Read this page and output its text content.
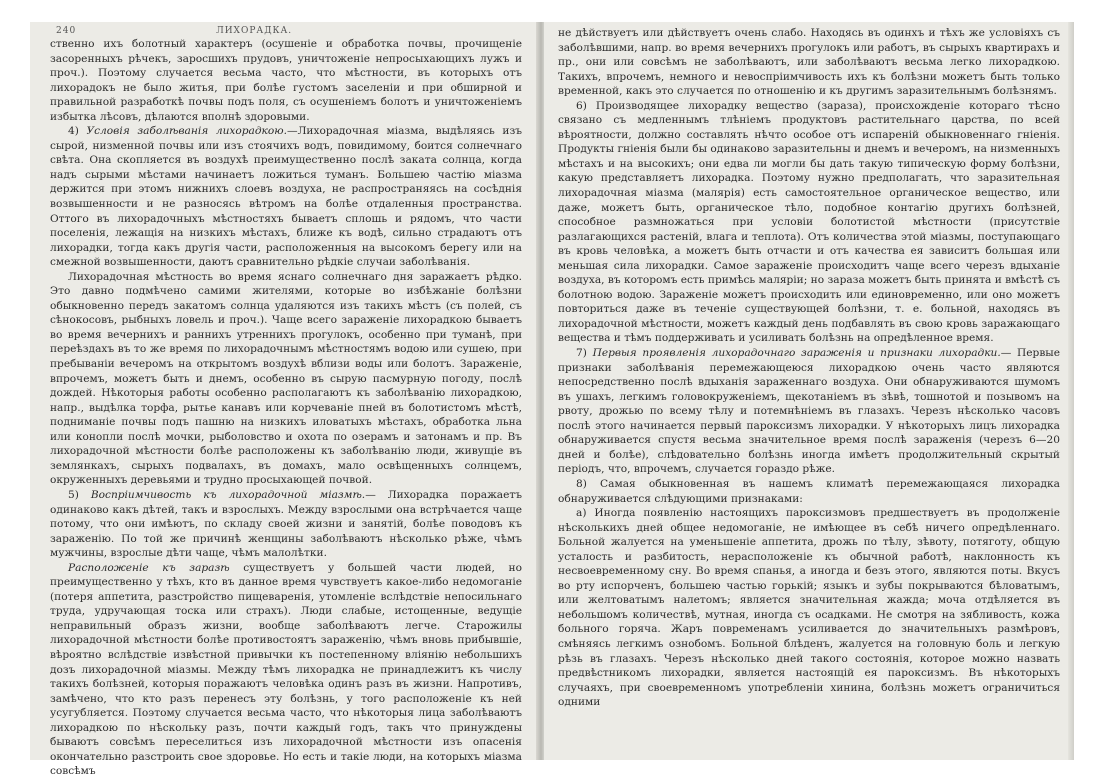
240	ЛИХОРАДКА.

ственно ихъ болотный характеръ (осушеніе и обработка почвы, прочищеніе засоренныхъ рѣчекъ, заросшихъ прудовъ, уничтоженіе непросыхающихъ лужъ и проч.). Поэтому случается весьма часто, что мѣстности, въ которыхъ отъ лихорадокъ не было житья, при болѣе густомъ заселеніи и при обширной и правильной разработкѣ почвы подъ поля, съ осушеніемъ болотъ и уничтоженіемъ избытка лѣсовъ, дѣлаются вполнѣ здоровыми.

4) Условія заболѣванія лихорадкою.—Лихорадочная міазма, выдѣляясь изъ сырой, низменной почвы или изъ стоячихъ водъ, повидимому, боится солнечнаго свѣта. Она скопляется въ воздухѣ преимущественно послѣ заката солнца, когда надъ сырыми мѣстами начинаетъ ложиться туманъ. Большею частію міазма держится при этомъ нижнихъ слоевъ воздуха, не распространяясь на сосѣднія возвышенности и не разносясь вѣтромъ на болѣе отдаленныя пространства. Оттого въ лихорадочныхъ мѣстностяхъ бываетъ сплошь и рядомъ, что части поселенія, лежащія на низкихъ мѣстахъ, ближе къ водѣ, сильно страдаютъ отъ лихорадки, тогда какъ другія части, расположенныя на высокомъ берегу или на смежной возвышенности, даютъ сравнительно рѣдкіе случаи заболѣванія.

Лихорадочная мѣстность во время яснаго солнечнаго дня заражаетъ рѣдко. Это давно подмѣчено самими жителями, которые во избѣжаніе болѣзни обыкновенно передъ закатомъ солнца удаляются изъ такихъ мѣстъ (съ полей, съ сѣнокосовъ, рыбныхъ ловель и проч.). Чаще всего зараженіе лихорадкою бываетъ во время вечернихъ и раннихъ утреннихъ прогулокъ, особенно при туманѣ, при переѣздахъ въ то же время по лихорадочнымъ мѣстностямъ водою или сушею, при пребываніи вечеромъ на открытомъ воздухѣ вблизи воды или болотъ. Зараженіе, впрочемъ, можетъ быть и днемъ, особенно въ сырую пасмурную погоду, послѣ дождей. Нѣкоторыя работы особенно располагаютъ къ заболѣванію лихорадкою, напр., выдѣлка торфа, рытье канавъ или корчеваніе пней въ болотистомъ мѣстѣ, подниманіе почвы подъ пашню на низкихъ иловатыхъ мѣстахъ, обработка льна или конопли послѣ мочки, рыболовство и охота по озерамъ и затонамъ и пр. Въ лихорадочной мѣстности болѣе расположены къ заболѣванію люди, живущіе въ землянкахъ, сырыхъ подвалахъ, въ домахъ, мало освѣщенныхъ солнцемъ, окруженныхъ деревьями и трудно просыхающей почвой.

5) Воспріимчивость къ лихорадочной міазмѣ.— Лихорадка поражаетъ одинаково какъ дѣтей, такъ и взрослыхъ. Между взрослыми она встрѣчается чаще потому, что они имѣютъ, по складу своей жизни и занятій, болѣе поводовъ къ зараженію. По той же причинѣ женщины заболѣваютъ нѣсколько рѣже, чѣмъ мужчины, взрослые дѣти чаще, чѣмъ малолѣтки.

Расположеніе къ заразѣ существуетъ у большей части людей, но преимущественно у тѣхъ, кто въ данное время чувствуетъ какое-либо недомоганіе (потеря аппетита, разстройство пищеваренія, утомленіе вслѣдствіе непосильнаго труда, удручающая тоска или страхъ). Люди слабые, истощенные, ведущіе неправильный образъ жизни, вообще заболѣваютъ легче. Старожилы лихорадочной мѣстности болѣе противостоятъ зараженію, чѣмъ вновь прибывшіе, вѣроятно вслѣдствіе извѣстной привычки къ постепенному вліянію небольшихъ дозъ лихорадочной міазмы. Между тѣмъ лихорадка не принадлежитъ къ числу такихъ болѣзней, которыя поражаютъ человѣка одинъ разъ въ жизни. Напротивъ, замѣчено, что кто разъ перенесъ эту болѣзнь, у того расположеніе къ ней усугубляется. Поэтому случается весьма часто, что нѣкоторыя лица заболѣваютъ лихорадкою по нѣскольку разъ, почти каждый годъ, такъ что принуждены бываютъ совсѣмъ переселиться изъ лихорадочной мѣстности изъ опасенія окончательно разстроить свое здоровье. Но есть и такіе люди, на которыхъ міазма совсѣмъ

не дѣйствуетъ или дѣйствуетъ очень слабо. Находясь въ одинхъ и тѣхъ же условіяхъ съ заболѣвшими, напр. во время вечернихъ прогулокъ или работъ, въ сырыхъ квартирахъ и пр., они или совсѣмъ не заболѣваютъ, или заболѣваютъ весьма легко лихорадкою. Такихъ, впрочемъ, немного и невоспріимчивость ихъ къ болѣзни можетъ быть только временной, какъ это случается по отношенію и къ другимъ заразительнымъ болѣзнямъ.

6) Производящее лихорадку вещество (зараза), происхожденіе котораго тѣсно связано съ медленнымъ тлѣніемъ продуктовъ растительнаго царства, по всей вѣроятности, должно составлять нѣчто особое отъ испареній обыкновеннаго гніенія. Продукты гніенія были бы одинаково заразительны и днемъ и вечеромъ, на низменныхъ мѣстахъ и на высокихъ; они едва ли могли бы дать такую типическую форму болѣзни, какую представляетъ лихорадка. Поэтому нужно предполагать, что заразительная лихорадочная міазма (малярія) есть самостоятельное органическое вещество, или даже, можетъ быть, органическое тѣло, подобное контагію другихъ болѣзней, способное размножаться при условіи болотистой мѣстности (присутствіе разлагающихся растеній, влага и теплота). Отъ количества этой міазмы, поступающаго въ кровь человѣка, а можетъ быть отчасти и отъ качества ея зависитъ большая или меньшая сила лихорадки. Самое зараженіе происходитъ чаще всего черезъ вдыханіе воздуха, въ которомъ есть примѣсь маляріи; но зараза можетъ быть принята и вмѣстѣ съ болотною водою. Зараженіе можетъ происходить или единовременно, или оно можетъ повториться даже въ теченіе существующей болѣзни, т. е. больной, находясь въ лихорадочной мѣстности, можетъ каждый день подбавлять въ свою кровь заражающаго вещества и тѣмъ поддерживать и усиливать болѣзнь на опредѣленное время.

7) Первыя проявленія лихорадочнаго зараженія и признаки лихорадки.— Первые признаки заболѣванія перемежающеюся лихорадкою очень часто являются непосредственно послѣ вдыханія зараженнаго воздуха. Они обнаруживаются шумомъ въ ушахъ, легкимъ головокруженіемъ, щекотаніемъ въ зѣвѣ, тошнотой и позывомъ на рвоту, дрожью по всему тѣлу и потемнѣніемъ въ глазахъ. Черезъ нѣсколько часовъ послѣ этого начинается первый пароксизмъ лихорадки. У нѣкоторыхъ лицъ лихорадка обнаруживается спустя весьма значительное время послѣ зараженія (черезъ 6—20 дней и болѣе), слѣдовательно болѣзнь иногда имѣетъ продолжительный скрытый періодъ, что, впрочемъ, случается гораздо рѣже.

8) Самая обыкновенная въ нашемъ климатѣ перемежающаяся лихорадка обнаруживается слѣдующими признаками:

а) Иногда появленію настоящихъ пароксизмовъ предшествуетъ въ продолженіе нѣсколькихъ дней общее недомоганіе, не имѣющее въ себѣ ничего опредѣленнаго. Больной жалуется на уменьшеніе аппетита, дрожь по тѣлу, зѣвоту, потяготу, общую усталость и разбитость, нерасположеніе къ обычной работѣ, наклонность къ несвоевременному сну. Во время спанья, а иногда и безъ этого, являются поты. Вкусъ во рту испорченъ, большею частью горькій; языкъ и зубы покрываются бѣловатымъ, или желтоватымъ налетомъ; является значительная жажда; моча отдѣляется въ небольшомъ количествѣ, мутная, иногда съ осадками. Не смотря на зябливость, кожа больного горяча. Жаръ повременамъ усиливается до значительныхъ размѣровъ, смѣняясь легкимъ ознобомъ. Больной блѣденъ, жалуется на головную боль и легкую рѣзь въ глазахъ. Черезъ нѣсколько дней такого состоянія, которое можно назвать предвѣстникомъ лихорадки, является настоящій ея пароксизмъ. Въ нѣкоторыхъ случаяхъ, при своевременномъ употребленіи хинина, болѣзнь можетъ ограничиться одними
